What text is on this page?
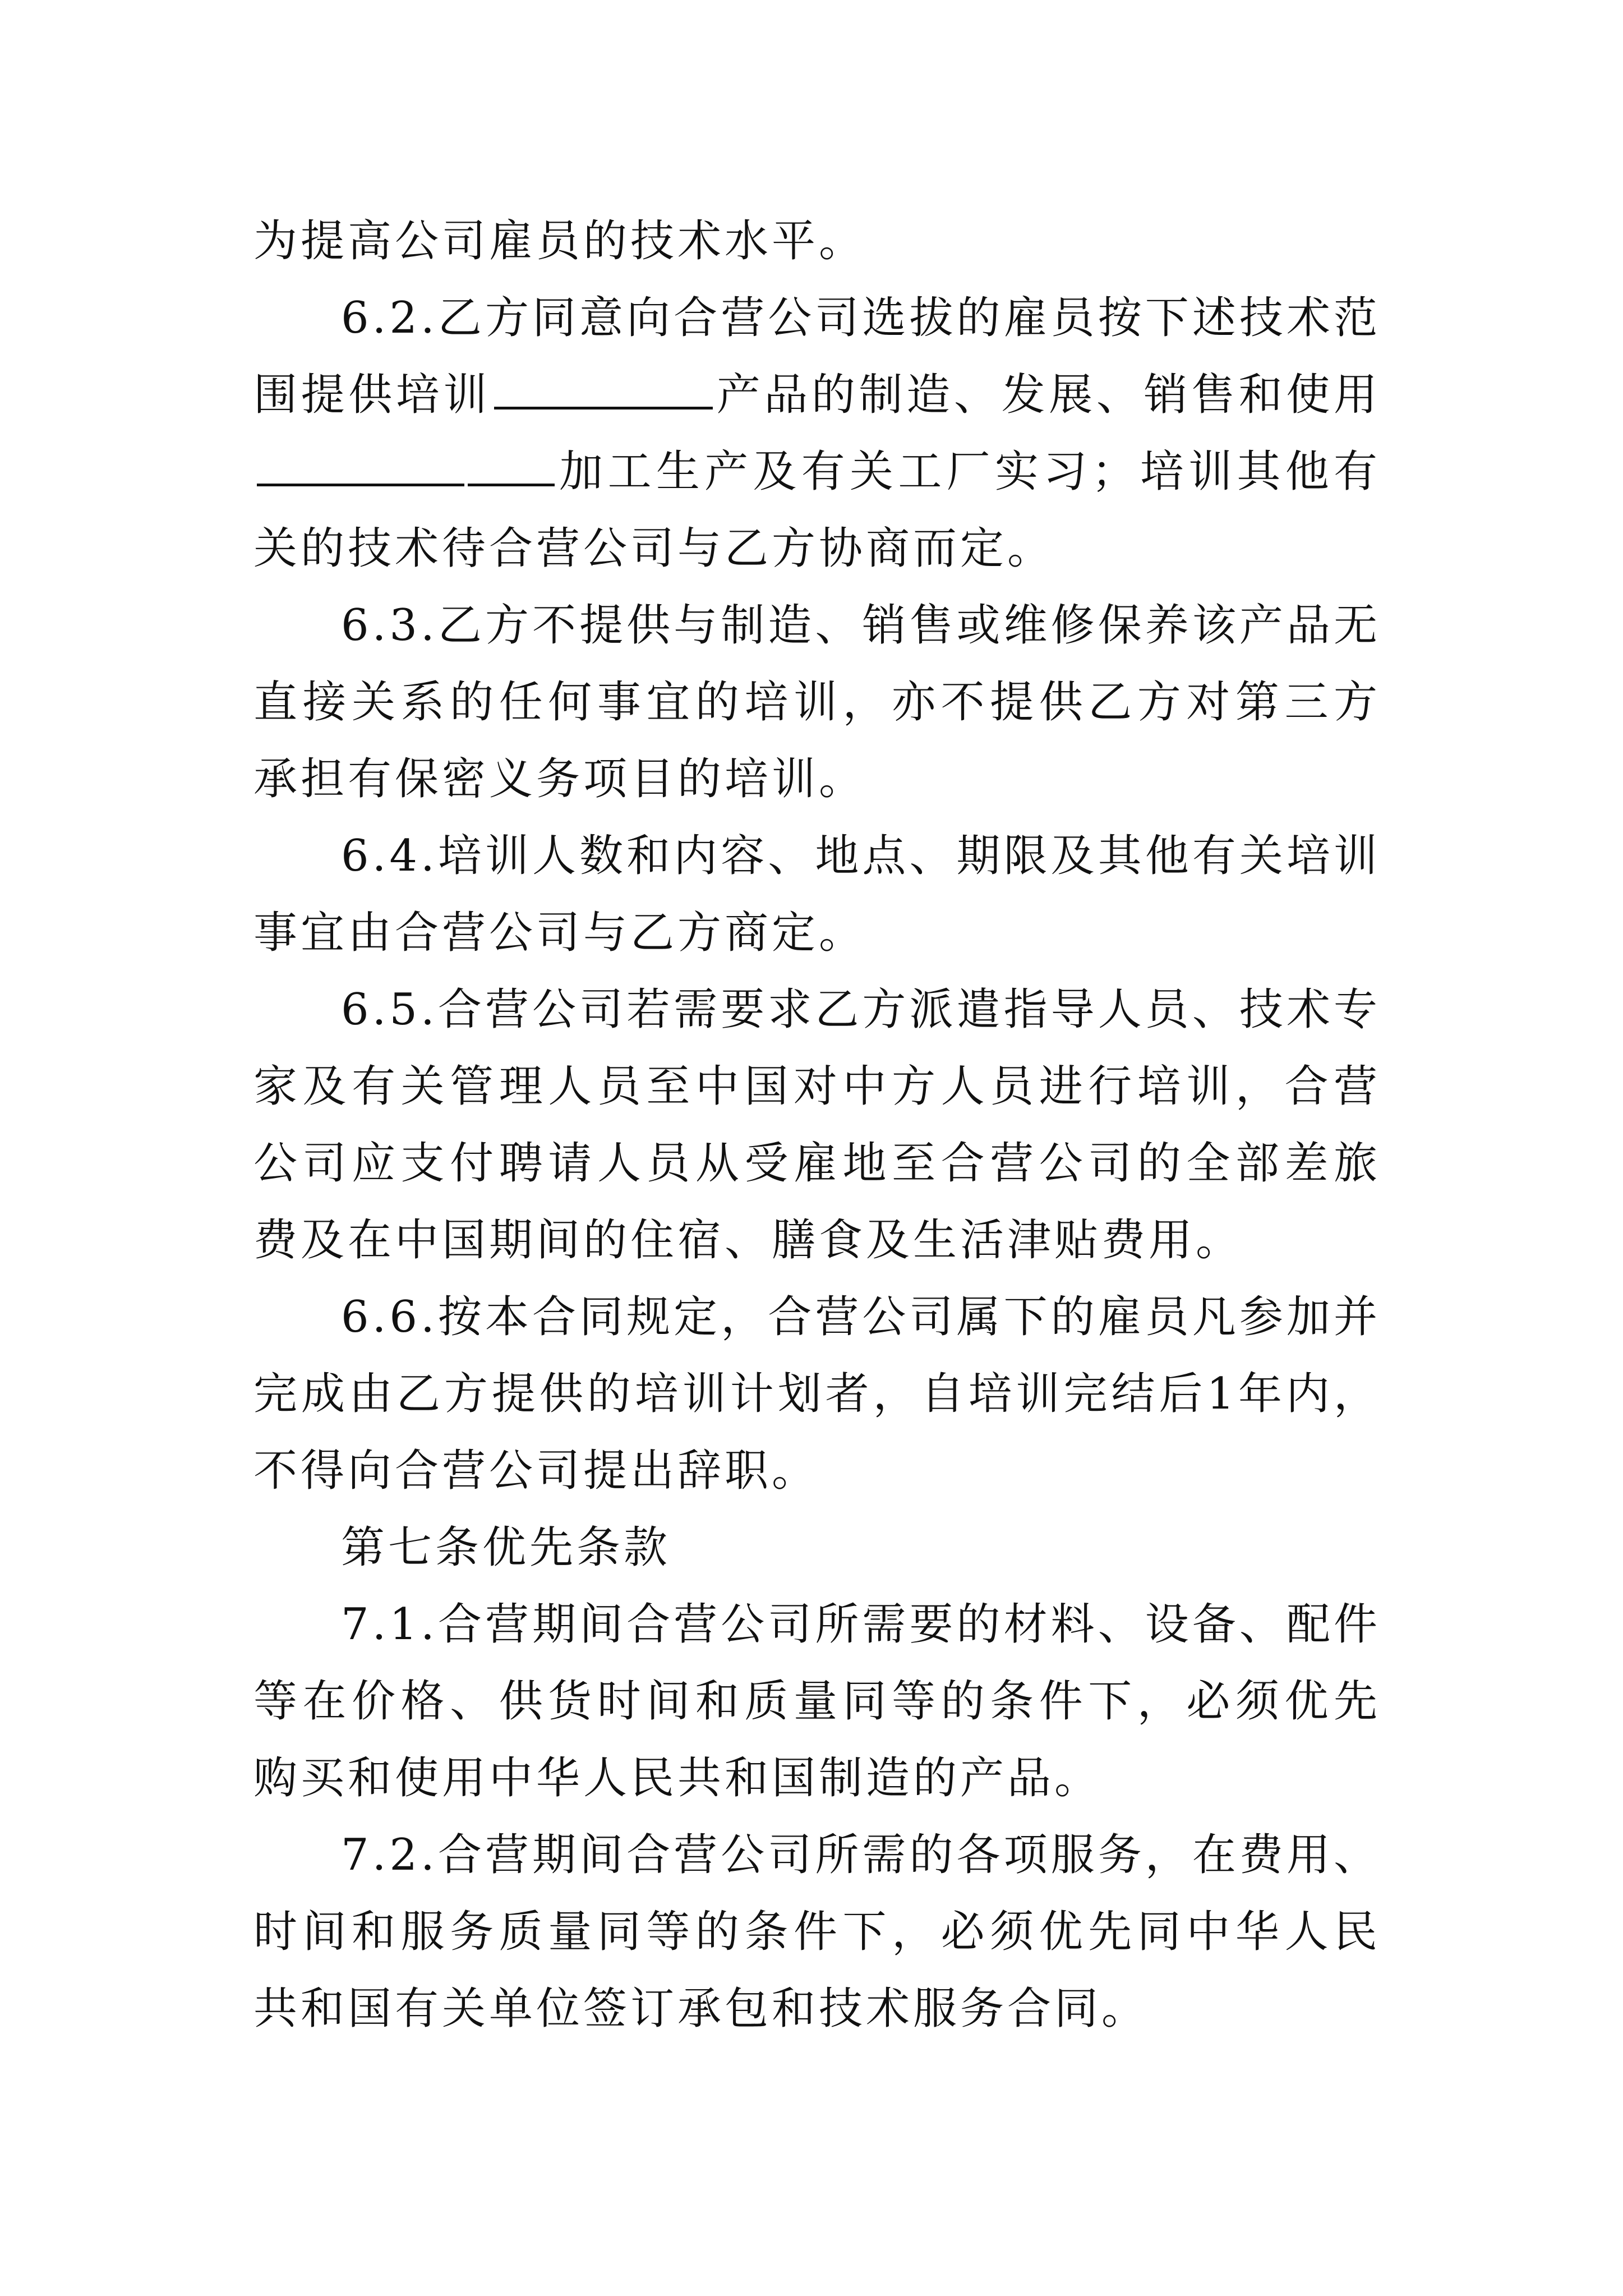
为提高公司雇员的技术水平。

6.2.乙方同意向合营公司选拔的雇员按下述技术范围提供培训	产品的制造、发展、销售和使用加工生产及有关工厂实习；培训其他有关的技术待合营公司与乙方协商而定。

6.3.乙方不提供与制造、销售或维修保养该产品无直接关系的任何事宜的培训，亦不提供乙方对第三方承担有保密义务项目的培训。

6.4.培训人数和内容、地点、期限及其他有关培训事宜由合营公司与乙方商定。

6.5.合营公司若需要求乙方派遣指导人员、技术专家及有关管理人员至中国对中方人员进行培训，合营公司应支付聘请人员从受雇地至合营公司的全部差旅费及在中国期间的住宿、膳食及生活津贴费用。

6.6.按本合同规定，合营公司属下的雇员凡参加并完成由乙方提供的培训计划者，自培训完结后1年内，不得向合营公司提出辞职。

第七条优先条款

7.1.合营期间合营公司所需要的材料、设备、配件等在价格、供货时间和质量同等的条件下，必须优先购买和使用中华人民共和国制造的产品。

7.2.合营期间合营公司所需的各项服务，在费用、时间和服务质量同等的条件下，必须优先同中华人民共和国有关单位签订承包和技术服务合同。
